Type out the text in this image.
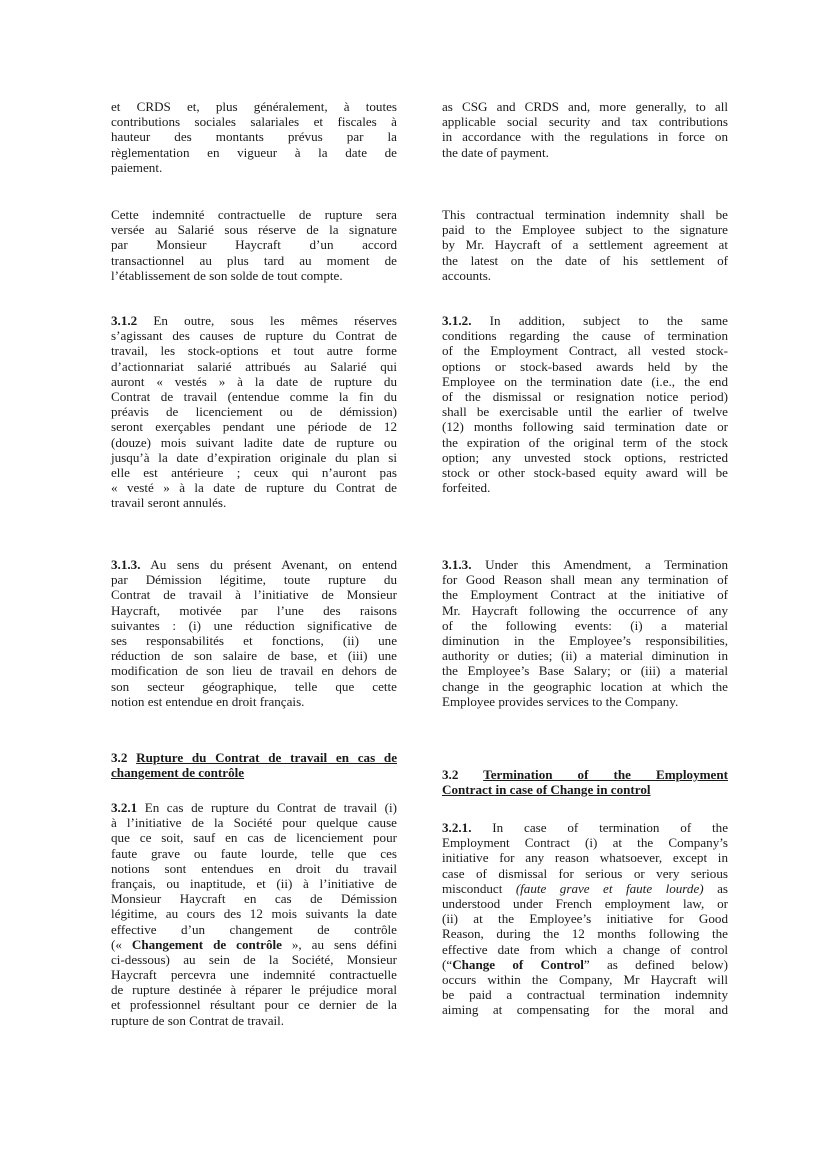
et CRDS et, plus généralement, à toutes
contributions sociales salariales et fiscales à
hauteur des montants prévus par la
règlementation en vigueur à la date de
paiement.
Cette indemnité contractuelle de rupture sera
versée au Salarié sous réserve de la signature
par Monsieur Haycraft d’un accord
transactionnel au plus tard au moment de
l’établissement de son solde de tout compte.
3.1.2 En outre, sous les mêmes réserves
s’agissant des causes de rupture du Contrat de
travail, les stock-options et tout autre forme
d’actionnariat salarié attribués au Salarié qui
auront « vestés » à la date de rupture du
Contrat de travail (entendue comme la fin du
préavis de licenciement ou de démission)
seront exerçables pendant une période de 12
(douze) mois suivant ladite date de rupture ou
jusqu’à la date d’expiration originale du plan si
elle est antérieure ; ceux qui n’auront pas
« vesté » à la date de rupture du Contrat de
travail seront annulés.
3.1.3. Au sens du présent Avenant, on entend
par Démission légitime, toute rupture du
Contrat de travail à l’initiative de Monsieur
Haycraft, motivée par l’une des raisons
suivantes : (i) une réduction significative de
ses responsabilités et fonctions, (ii) une
réduction de son salaire de base, et (iii) une
modification de son lieu de travail en dehors de
son secteur géographique, telle que cette
notion est entendue en droit français.
3.2 Rupture du Contrat de travail en cas de
changement de contrôle
3.2.1 En cas de rupture du Contrat de travail (i)
à l’initiative de la Société pour quelque cause
que ce soit, sauf en cas de licenciement pour
faute grave ou faute lourde, telle que ces
notions sont entendues en droit du travail
français, ou inaptitude, et (ii) à l’initiative de
Monsieur Haycraft en cas de Démission
légitime, au cours des 12 mois suivants la date
effective d’un changement de contrôle
(« Changement de contrôle », au sens défini
ci-dessous) au sein de la Société, Monsieur
Haycraft percevra une indemnité contractuelle
de rupture destinée à réparer le préjudice moral
et professionnel résultant pour ce dernier de la
rupture de son Contrat de travail.
as CSG and CRDS and, more generally, to all
applicable social security and tax contributions
in accordance with the regulations in force on
the date of payment.
This contractual termination indemnity shall be
paid to the Employee subject to the signature
by Mr. Haycraft of a settlement agreement at
the latest on the date of his settlement of
accounts.
3.1.2. In addition, subject to the same
conditions regarding the cause of termination
of the Employment Contract, all vested stock-
options or stock-based awards held by the
Employee on the termination date (i.e., the end
of the dismissal or resignation notice period)
shall be exercisable until the earlier of twelve
(12) months following said termination date or
the expiration of the original term of the stock
option; any unvested stock options, restricted
stock or other stock-based equity award will be
forfeited.
3.1.3. Under this Amendment, a Termination
for Good Reason shall mean any termination of
the Employment Contract at the initiative of
Mr. Haycraft following the occurrence of any
of the following events: (i) a material
diminution in the Employee’s responsibilities,
authority or duties; (ii) a material diminution in
the Employee’s Base Salary; or (iii) a material
change in the geographic location at which the
Employee provides services to the Company.
3.2 Termination of the Employment
Contract in case of Change in control
3.2.1. In case of termination of the
Employment Contract (i) at the Company’s
initiative for any reason whatsoever, except in
case of dismissal for serious or very serious
misconduct (faute grave et faute lourde) as
understood under French employment law, or
(ii) at the Employee’s initiative for Good
Reason, during the 12 months following the
effective date from which a change of control
(“Change of Control” as defined below)
occurs within the Company, Mr Haycraft will
be paid a contractual termination indemnity
aiming at compensating for the moral and
